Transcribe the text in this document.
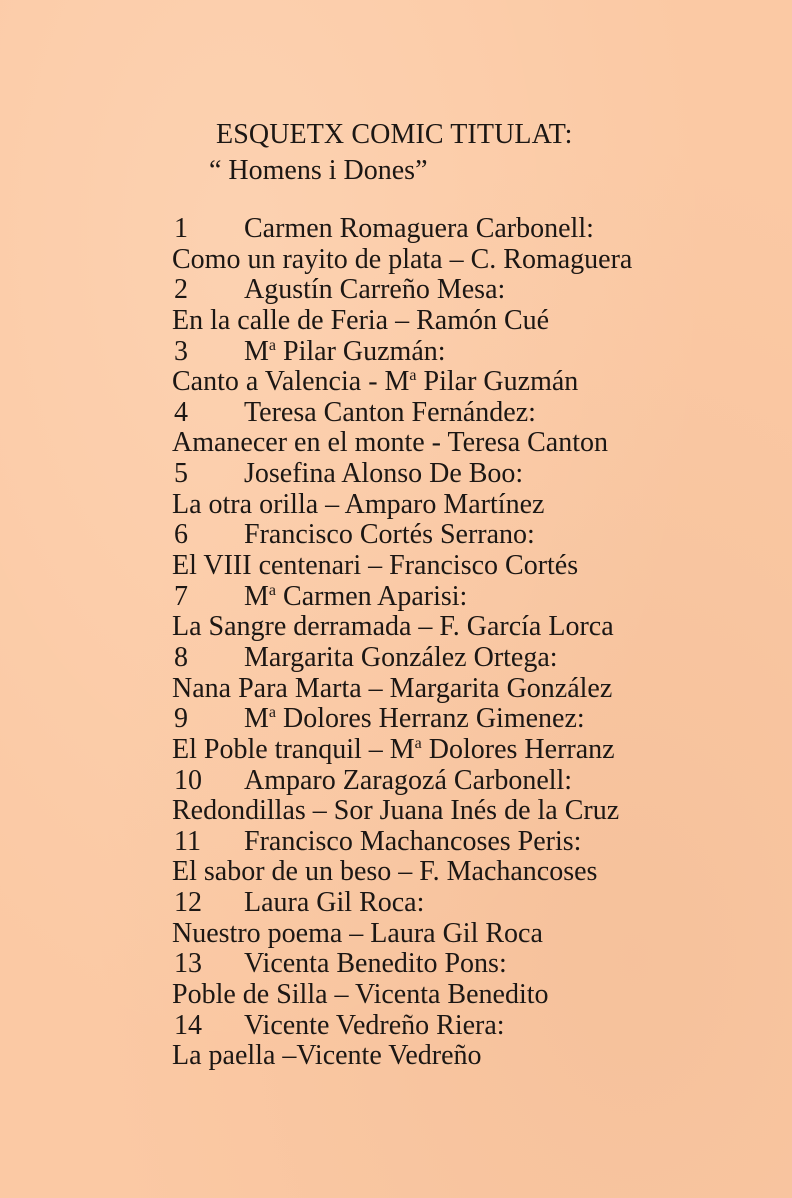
ESQUETX COMIC TITULAT:
“ Homens i Dones”
1 Carmen Romaguera Carbonell:
Como un rayito de plata – C. Romaguera
2 Agustín Carreño Mesa:
En la calle de Feria – Ramón Cué
3 $M^a$ Pilar Guzmán:
Canto a Valencia - $M^a$ Pilar Guzmán
4 Teresa Canton Fernández:
Amanecer en el monte - Teresa Canton
5 Josefina Alonso De Boo:
La otra orilla – Amparo Martínez
6 Francisco Cortés Serrano:
El VIII centenari – Francisco Cortés
7 $M^a$ Carmen Aparisi:
La Sangre derramada – F. García Lorca
8 Margarita González Ortega:
Nana Para Marta – Margarita González
9 $M^a$ Dolores Herranz Gimenez:
El Poble tranquil – $M^a$ Dolores Herranz
10 Amparo Zaragozá Carbonell:
Redondillas – Sor Juana Inés de la Cruz
11 Francisco Machancoses Peris:
El sabor de un beso – F. Machancoses
12 Laura Gil Roca:
Nuestro poema – Laura Gil Roca
13 Vicenta Benedito Pons:
Poble de Silla – Vicenta Benedito
14 Vicente Vedreño Riera:
La paella –Vicente Vedreño
